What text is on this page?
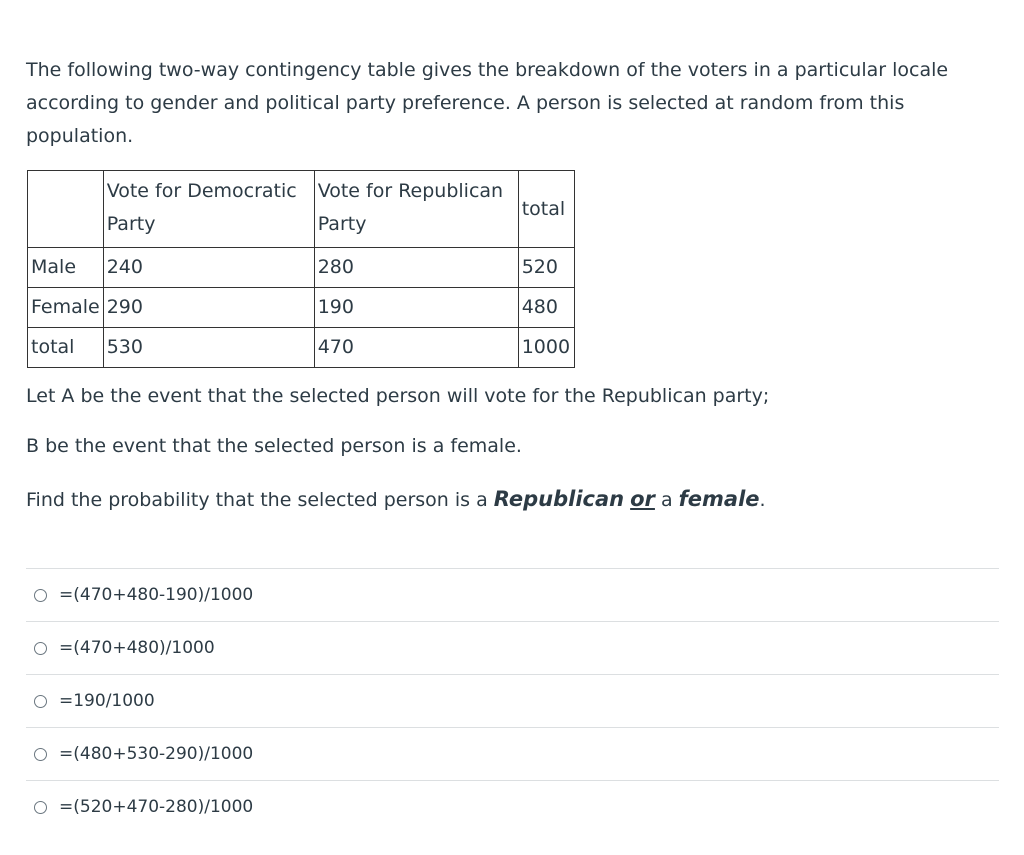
The following two-way contingency table gives the breakdown of the voters in a particular locale according to gender and political party preference. A person is selected at random from this population.

	Vote for Democratic Party	Vote for Republican Party	total
Male	240	280	520
Female	290	190	480
total	530	470	1000

Let A be the event that the selected person will vote for the Republican party;

B be the event that the selected person is a female.

Find the probability that the selected person is a Republican or a female.

=(470+480-190)/1000
=(470+480)/1000
=190/1000
=(480+530-290)/1000
=(520+470-280)/1000
